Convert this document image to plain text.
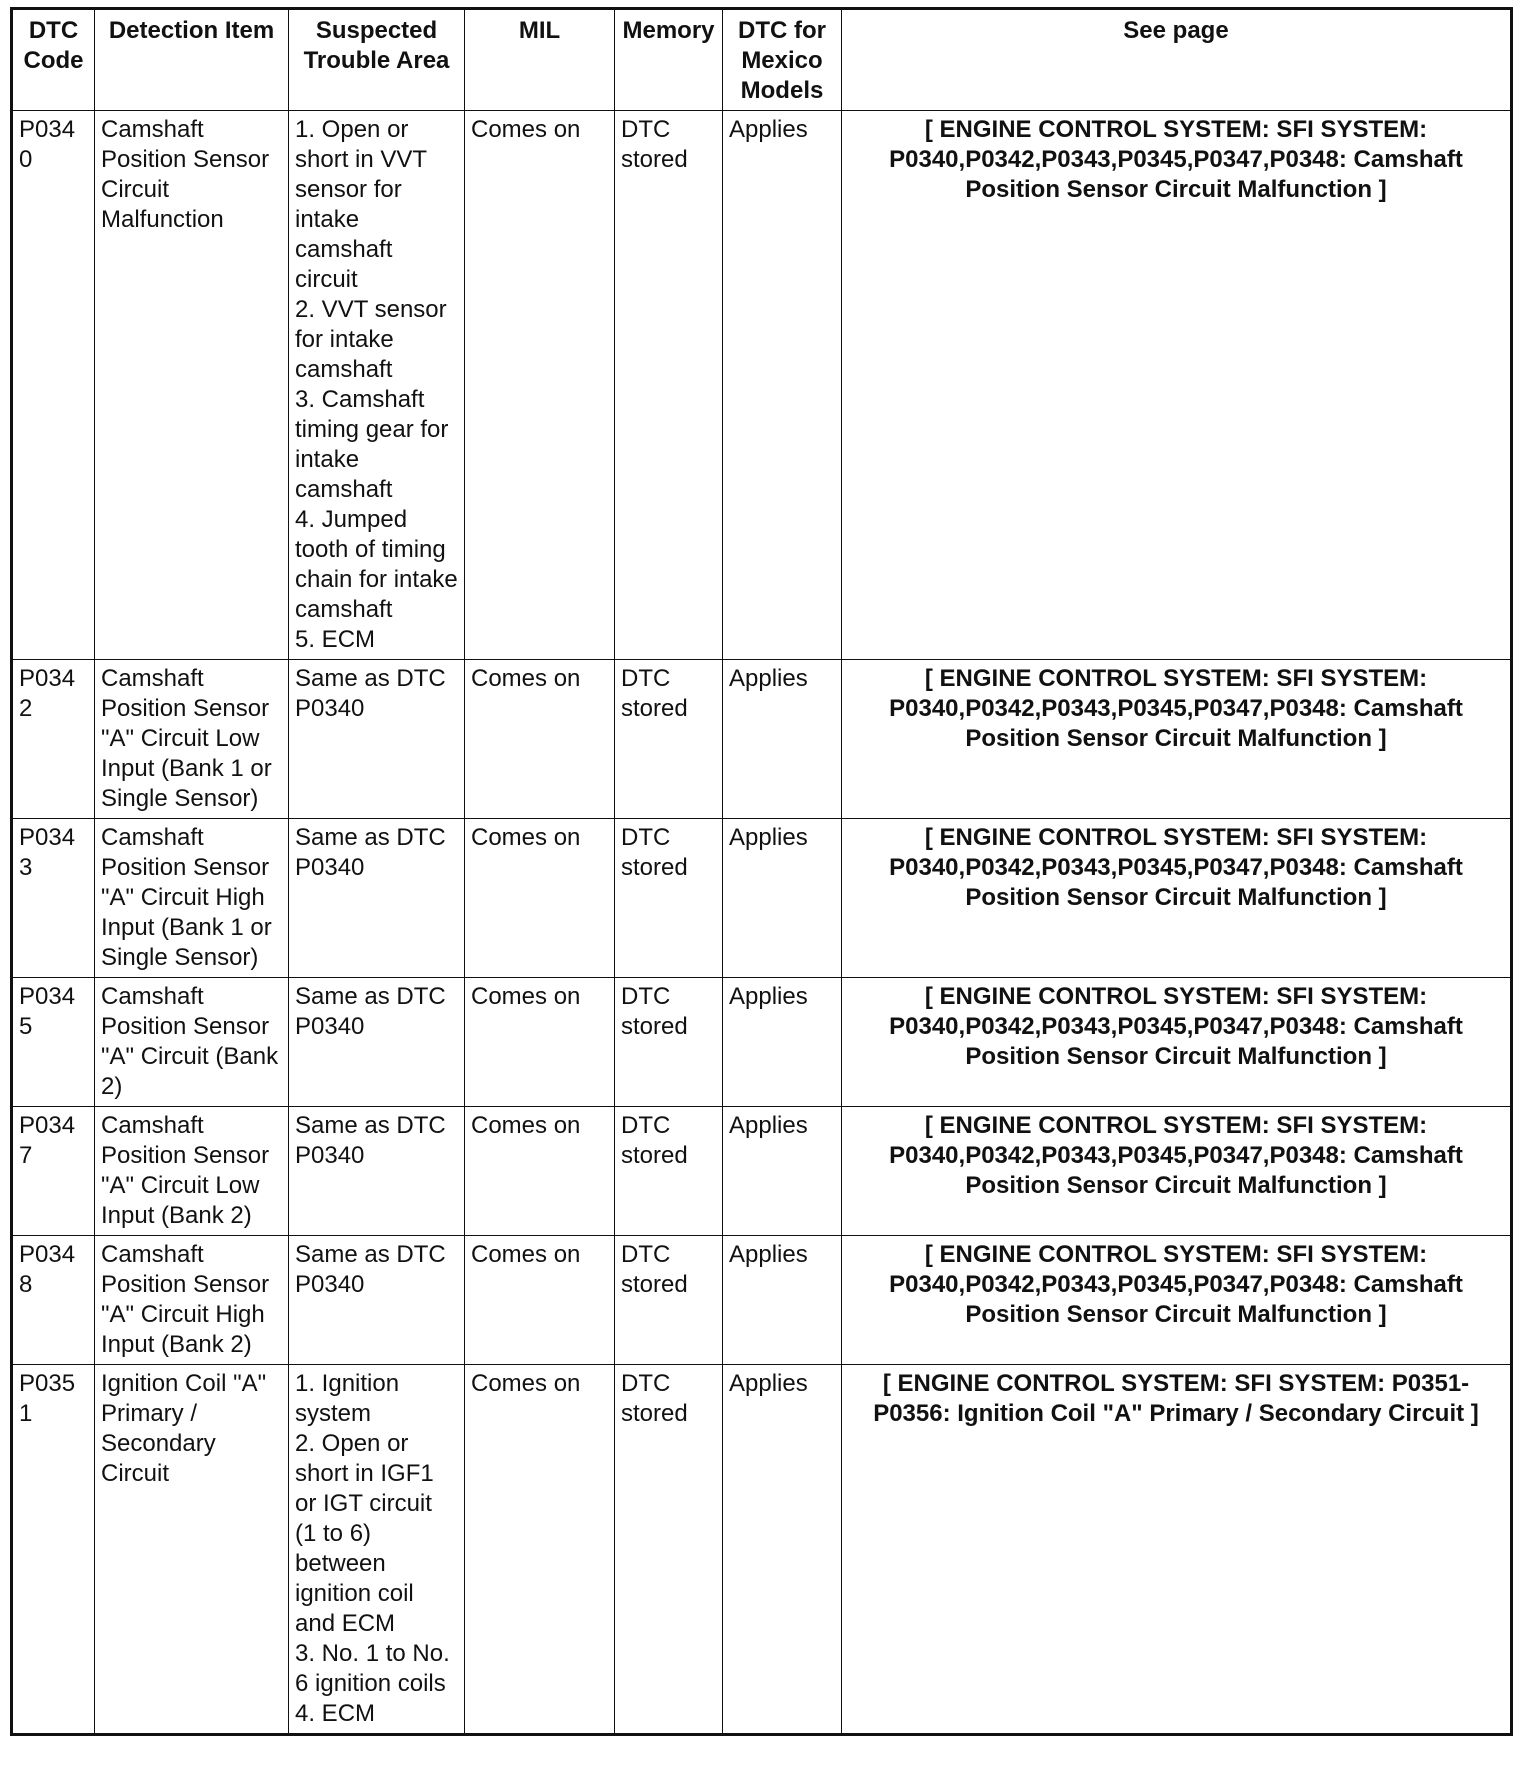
DTC Code	Detection Item	Suspected Trouble Area	MIL	Memory	DTC for Mexico Models	See page
P0340	Camshaft Position Sensor Circuit Malfunction	1. Open or short in VVT sensor for intake camshaft circuit
2. VVT sensor for intake camshaft
3. Camshaft timing gear for intake camshaft
4. Jumped tooth of timing chain for intake camshaft
5. ECM	Comes on	DTC stored	Applies	[ ENGINE CONTROL SYSTEM: SFI SYSTEM: P0340,P0342,P0343,P0345,P0347,P0348: Camshaft Position Sensor Circuit Malfunction ]
P0342	Camshaft Position Sensor "A" Circuit Low Input (Bank 1 or Single Sensor)	Same as DTC P0340	Comes on	DTC stored	Applies	[ ENGINE CONTROL SYSTEM: SFI SYSTEM: P0340,P0342,P0343,P0345,P0347,P0348: Camshaft Position Sensor Circuit Malfunction ]
P0343	Camshaft Position Sensor "A" Circuit High Input (Bank 1 or Single Sensor)	Same as DTC P0340	Comes on	DTC stored	Applies	[ ENGINE CONTROL SYSTEM: SFI SYSTEM: P0340,P0342,P0343,P0345,P0347,P0348: Camshaft Position Sensor Circuit Malfunction ]
P0345	Camshaft Position Sensor "A" Circuit (Bank 2)	Same as DTC P0340	Comes on	DTC stored	Applies	[ ENGINE CONTROL SYSTEM: SFI SYSTEM: P0340,P0342,P0343,P0345,P0347,P0348: Camshaft Position Sensor Circuit Malfunction ]
P0347	Camshaft Position Sensor "A" Circuit Low Input (Bank 2)	Same as DTC P0340	Comes on	DTC stored	Applies	[ ENGINE CONTROL SYSTEM: SFI SYSTEM: P0340,P0342,P0343,P0345,P0347,P0348: Camshaft Position Sensor Circuit Malfunction ]
P0348	Camshaft Position Sensor "A" Circuit High Input (Bank 2)	Same as DTC P0340	Comes on	DTC stored	Applies	[ ENGINE CONTROL SYSTEM: SFI SYSTEM: P0340,P0342,P0343,P0345,P0347,P0348: Camshaft Position Sensor Circuit Malfunction ]
P0351	Ignition Coil "A" Primary / Secondary Circuit	1. Ignition system
2. Open or short in IGF1 or IGT circuit (1 to 6) between ignition coil and ECM
3. No. 1 to No. 6 ignition coils
4. ECM	Comes on	DTC stored	Applies	[ ENGINE CONTROL SYSTEM: SFI SYSTEM: P0351-P0356: Ignition Coil "A" Primary / Secondary Circuit ]
